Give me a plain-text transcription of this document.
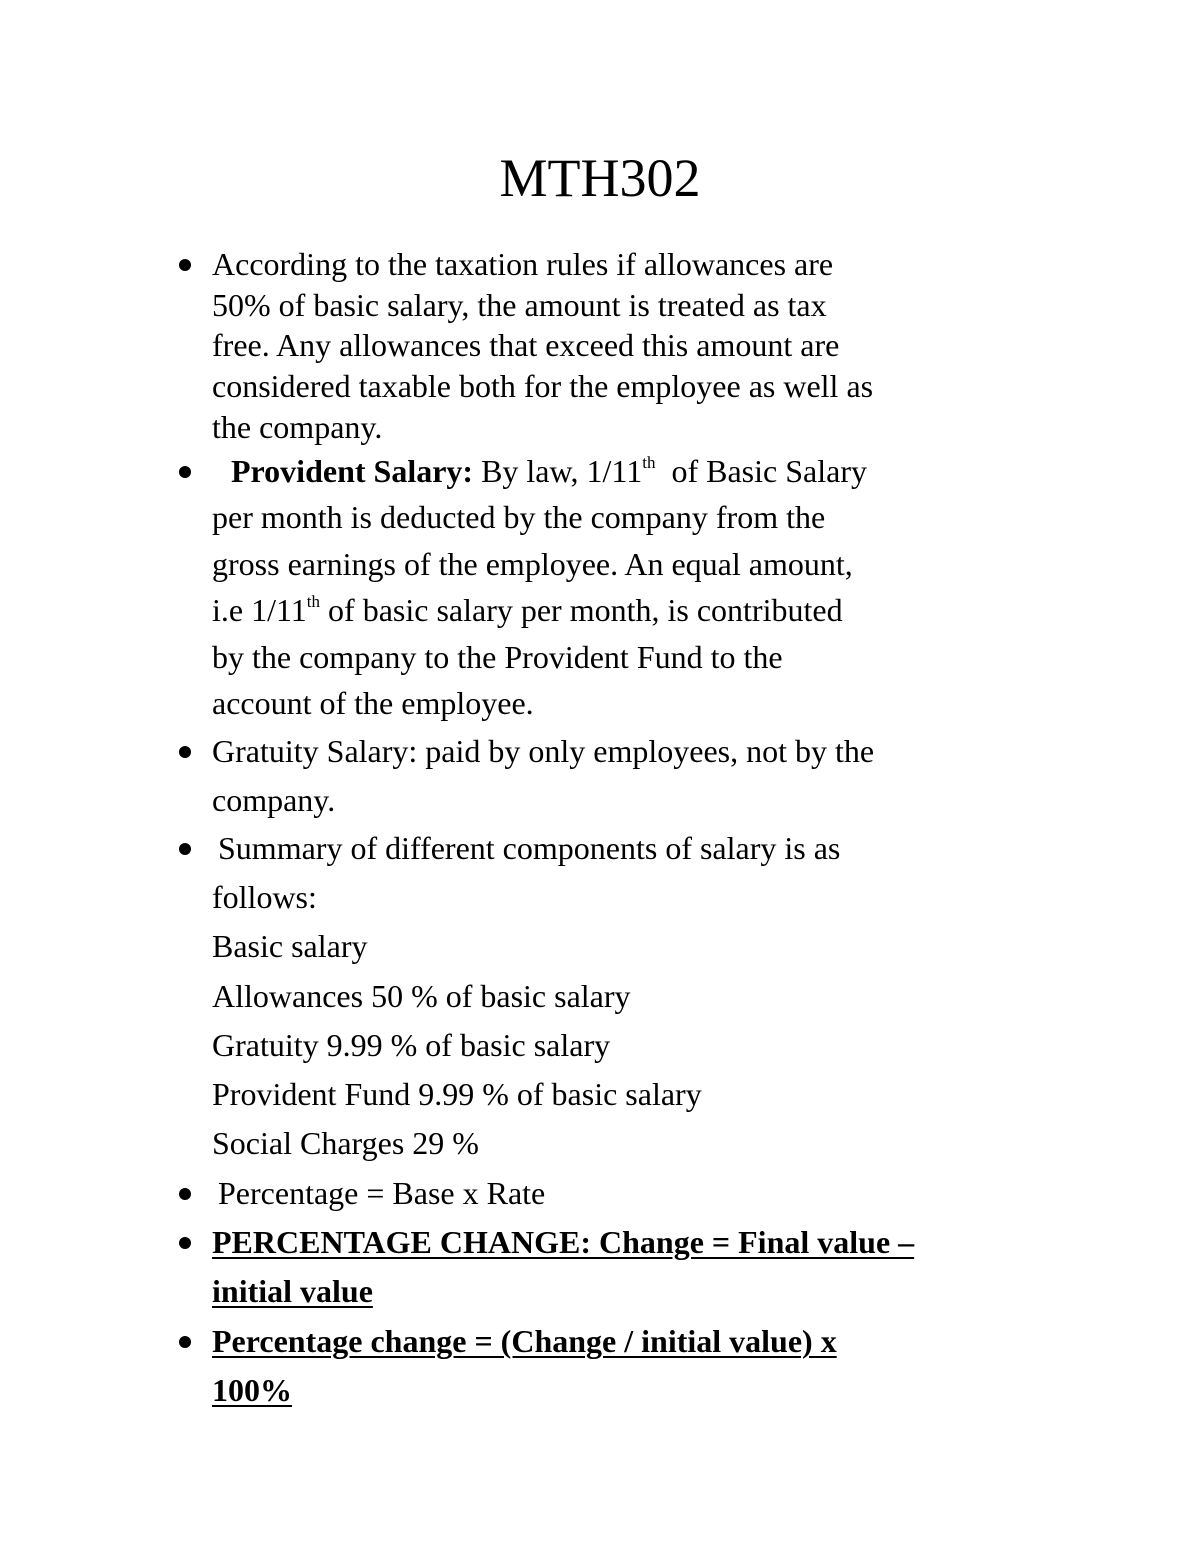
MTH302
According to the taxation rules if allowances are
50% of basic salary, the amount is treated as tax
free. Any allowances that exceed this amount are
considered taxable both for the employee as well as
the company.
Provident Salary: By law, 1/11th of Basic Salary
per month is deducted by the company from the
gross earnings of the employee. An equal amount,
i.e 1/11th of basic salary per month, is contributed
by the company to the Provident Fund to the
account of the employee.
Gratuity Salary: paid by only employees, not by the
company.
Summary of different components of salary is as
follows:
Basic salary
Allowances 50 % of basic salary
Gratuity 9.99 % of basic salary
Provident Fund 9.99 % of basic salary
Social Charges 29 %
Percentage = Base x Rate
PERCENTAGE CHANGE: Change = Final value –
initial value
Percentage change = (Change / initial value) x
100%
